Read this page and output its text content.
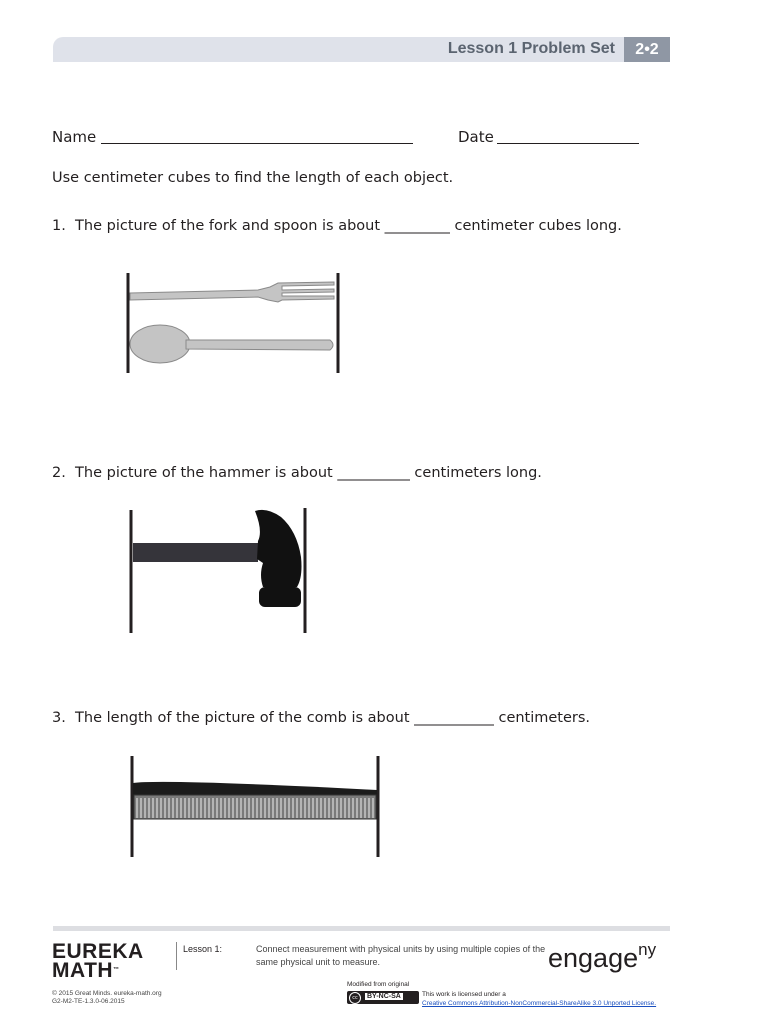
Lesson 1 Problem Set	2•2
Name	Date
Use centimeter cubes to find the length of each object.
1.  The picture of the fork and spoon is about _________ centimeter cubes long.
2.  The picture of the hammer is about __________ centimeters long.
3.  The length of the picture of the comb is about ___________ centimeters.
EUREKA
MATH™
Lesson 1:	Connect measurement with physical units by using multiple copies of the same physical unit to measure.	engage$^{ny}$
© 2015 Great Minds. eureka-math.org
G2-M2-TE-1.3.0-06.2015
Modified from original
cc	BY-NC-SA	This work is licensed under a
Creative Commons Attribution-NonCommercial-ShareAlike 3.0 Unported License.
